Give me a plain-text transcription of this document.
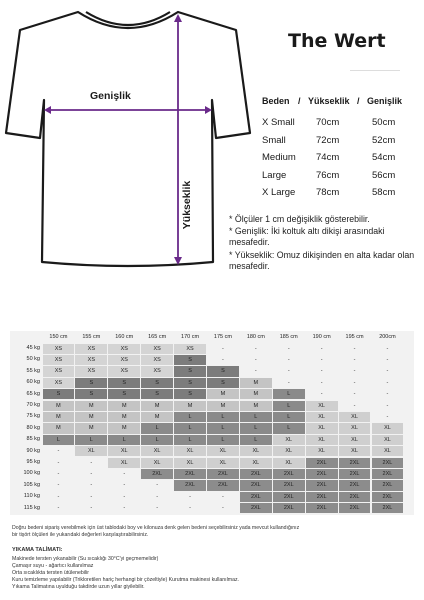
Genişlik
Yükseklik
The Wert
Beden / Yükseklik / Genişlik
X Small 70cm	50cm
Small	72cm	52cm
Medium 74cm	54cm
Large	76cm	56cm
X Large 78cm	58cm
* Ölçüler 1 cm değişiklik gösterebilir.
* Genişlik: İki koltuk altı dikişi arasındaki mesafedir.
* Yükseklik: Omuz dikişinden en alta kadar olan mesafedir.
150 cm	155 cm	160 cm	165 cm	170 cm	175 cm	180 cm	185 cm	190 cm	195 cm	200cm
45 kg	XS	XS	XS	XS	XS	-	-	-	-	-	-
50 kg	XS	XS	XS	XS	S	-	-	-	-	-	-
55 kg	XS	XS	XS	XS	S	S	-	-	-	-	-
60 kg	XS	S	S	S	S	S	M	-	-	-	-
65 kg	S	S	S	S	S	M	M	L	-	-	-
70 kg	M	M	M	M	M	M	M	L	XL	-	-
75 kg	M	M	M	M	L	L	L	L	XL	XL	-
80 kg	M	M	M	L	L	L	L	L	XL	XL	XL
85 kg	L	L	L	L	L	L	L	XL	XL	XL	XL
90 kg	-	XL	XL	XL	XL	XL	XL	XL	XL	XL	XL
95 kg	-	-	XL	XL	XL	XL	XL	XL	2XL	2XL	2XL
100 kg	-	-	-	2XL	2XL	2XL	2XL	2XL	2XL	2XL	2XL
105 kg	-	-	-	-	2XL	2XL	2XL	2XL	2XL	2XL	2XL
110 kg	-	-	-	-	-	-	2XL	2XL	2XL	2XL	2XL
115 kg	-	-	-	-	-	-	2XL	2XL	2XL	2XL	2XL
Doğru bedeni sipariş verebilmek için üst tablodaki boy ve kilonuza denk gelen bedeni seçebilirsiniz yada mevcut kullandığınız
bir tişört ölçüleri ile yukarıdaki değerleri karşılaştırabilirsiniz.
YIKAMA TALİMATI:
Makinede tersten yıkanabilir (Su sıcaklığı 30°C'yi geçmemelidir)
Çamaşır suyu - ağartıcı kullanılmaz
Orta sıcaklıkta tersten ütülenebilir
Kuru temizleme yapılabilir (Trikloretilen hariç herhangi bir çözeltiyle) Kurutma makinesi kullanılmaz.
Yıkama Talimatına uyulduğu takdirde uzun yıllar giyilebilir.
